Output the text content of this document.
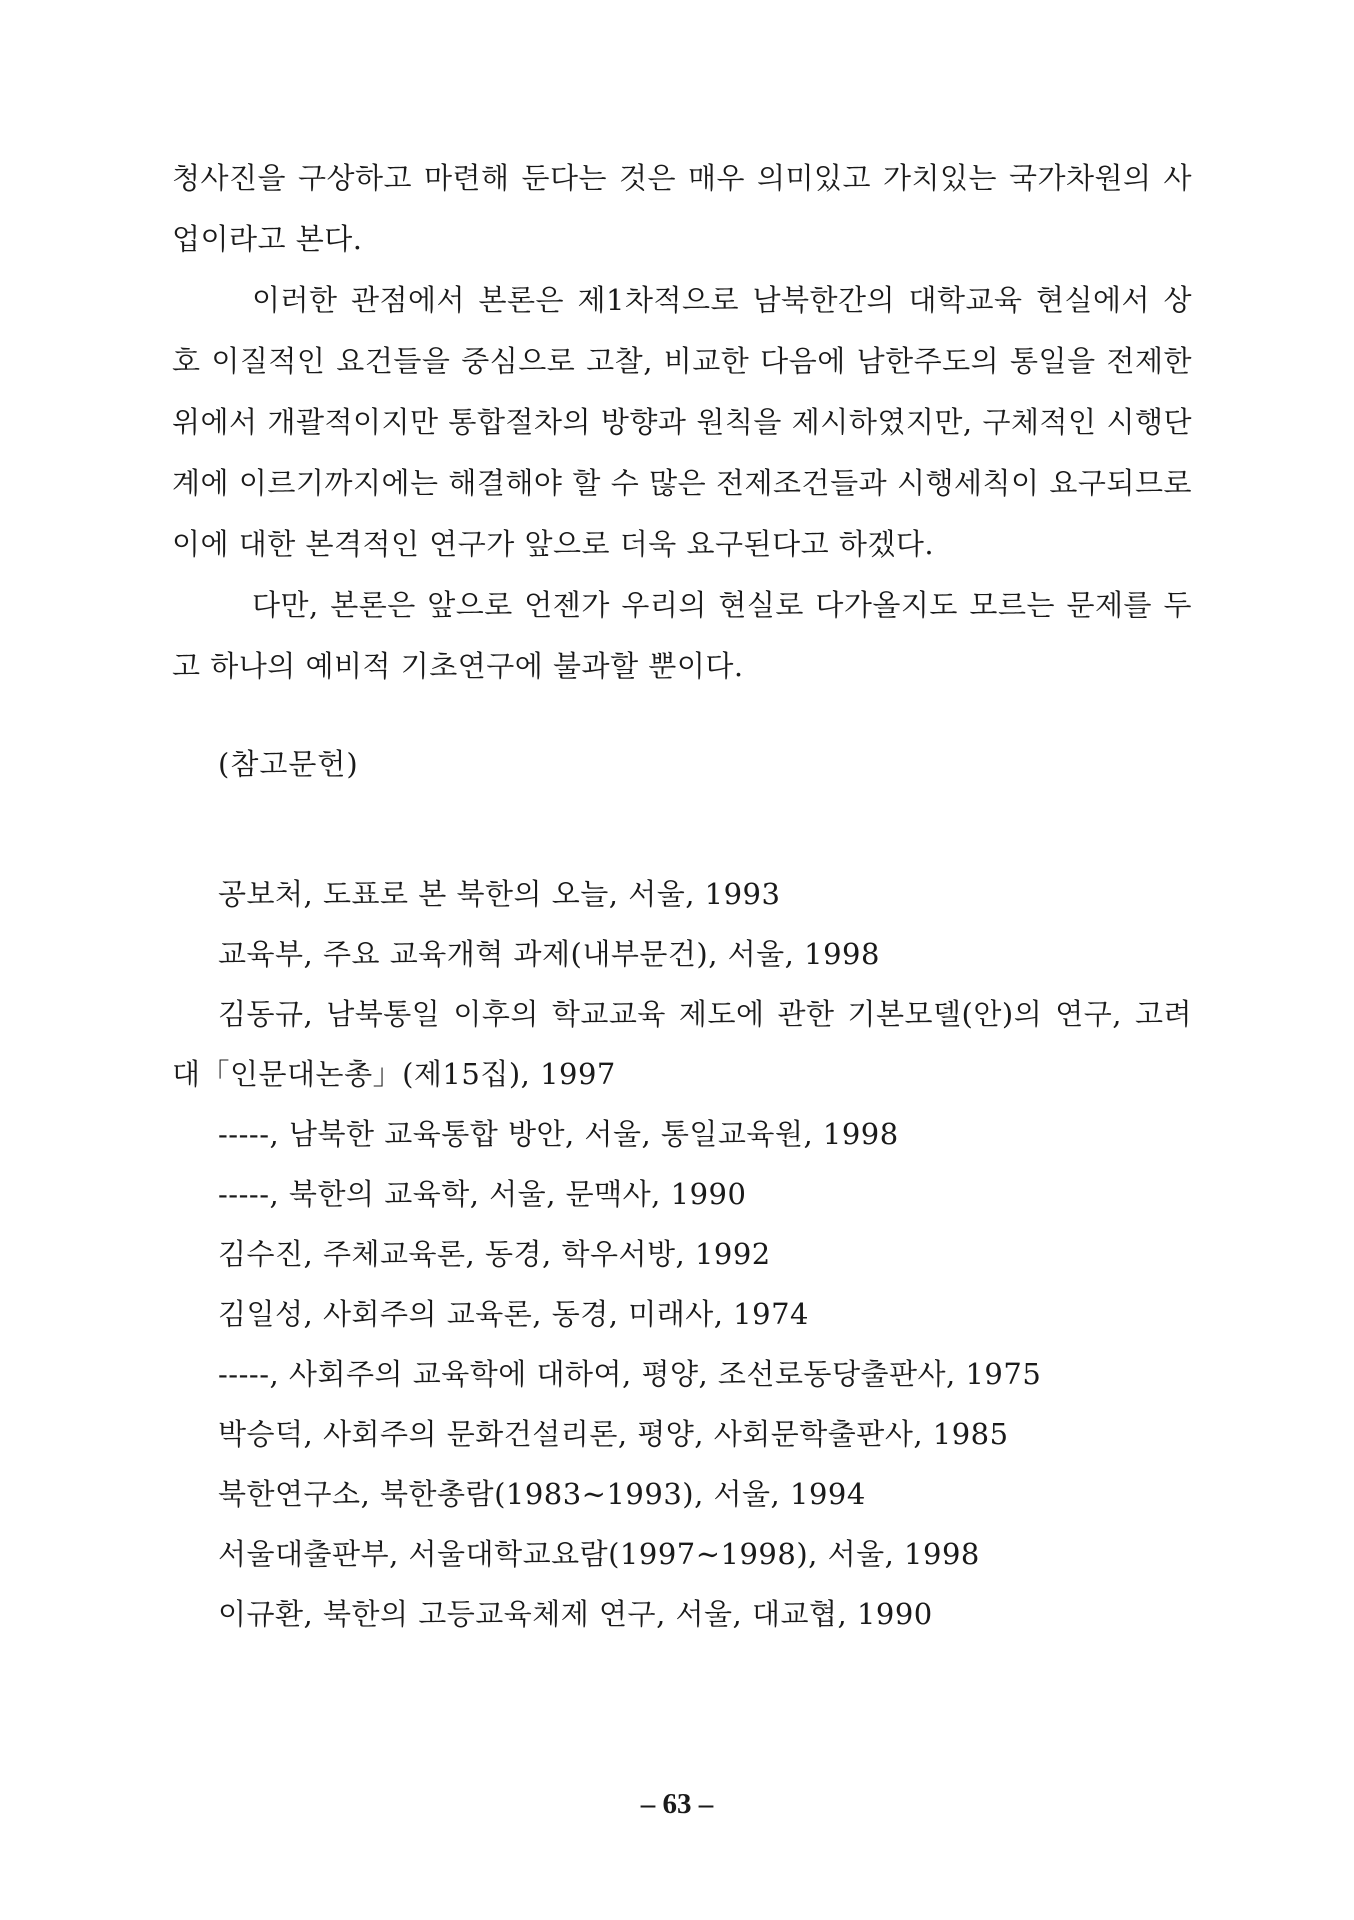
청사진을 구상하고 마련해 둔다는 것은 매우 의미있고 가치있는 국가차원의 사업이라고 본다.

이러한 관점에서 본론은 제1차적으로 남북한간의 대학교육 현실에서 상호 이질적인 요건들을 중심으로 고찰, 비교한 다음에 남한주도의 통일을 전제한 위에서 개괄적이지만 통합절차의 방향과 원칙을 제시하였지만, 구체적인 시행단계에 이르기까지에는 해결해야 할 수 많은 전제조건들과 시행세칙이 요구되므로 이에 대한 본격적인 연구가 앞으로 더욱 요구된다고 하겠다.

다만, 본론은 앞으로 언젠가 우리의 현실로 다가올지도 모르는 문제를 두고 하나의 예비적 기초연구에 불과할 뿐이다.

(참고문헌)

공보처, 도표로 본 북한의 오늘, 서울, 1993

교육부, 주요 교육개혁 과제(내부문건), 서울, 1998

김동규, 남북통일 이후의 학교교육 제도에 관한 기본모델(안)의 연구, 고려대「인문대논총」(제15집), 1997

-----, 남북한 교육통합 방안, 서울, 통일교육원, 1998

-----, 북한의 교육학, 서울, 문맥사, 1990

김수진, 주체교육론, 동경, 학우서방, 1992

김일성, 사회주의 교육론, 동경, 미래사, 1974

-----, 사회주의 교육학에 대하여, 평양, 조선로동당출판사, 1975

박승덕, 사회주의 문화건설리론, 평양, 사회문학출판사, 1985

북한연구소, 북한총람(1983∼1993), 서울, 1994

서울대출판부, 서울대학교요람(1997∼1998), 서울, 1998

이규환, 북한의 고등교육체제 연구, 서울, 대교협, 1990

– 63 –
